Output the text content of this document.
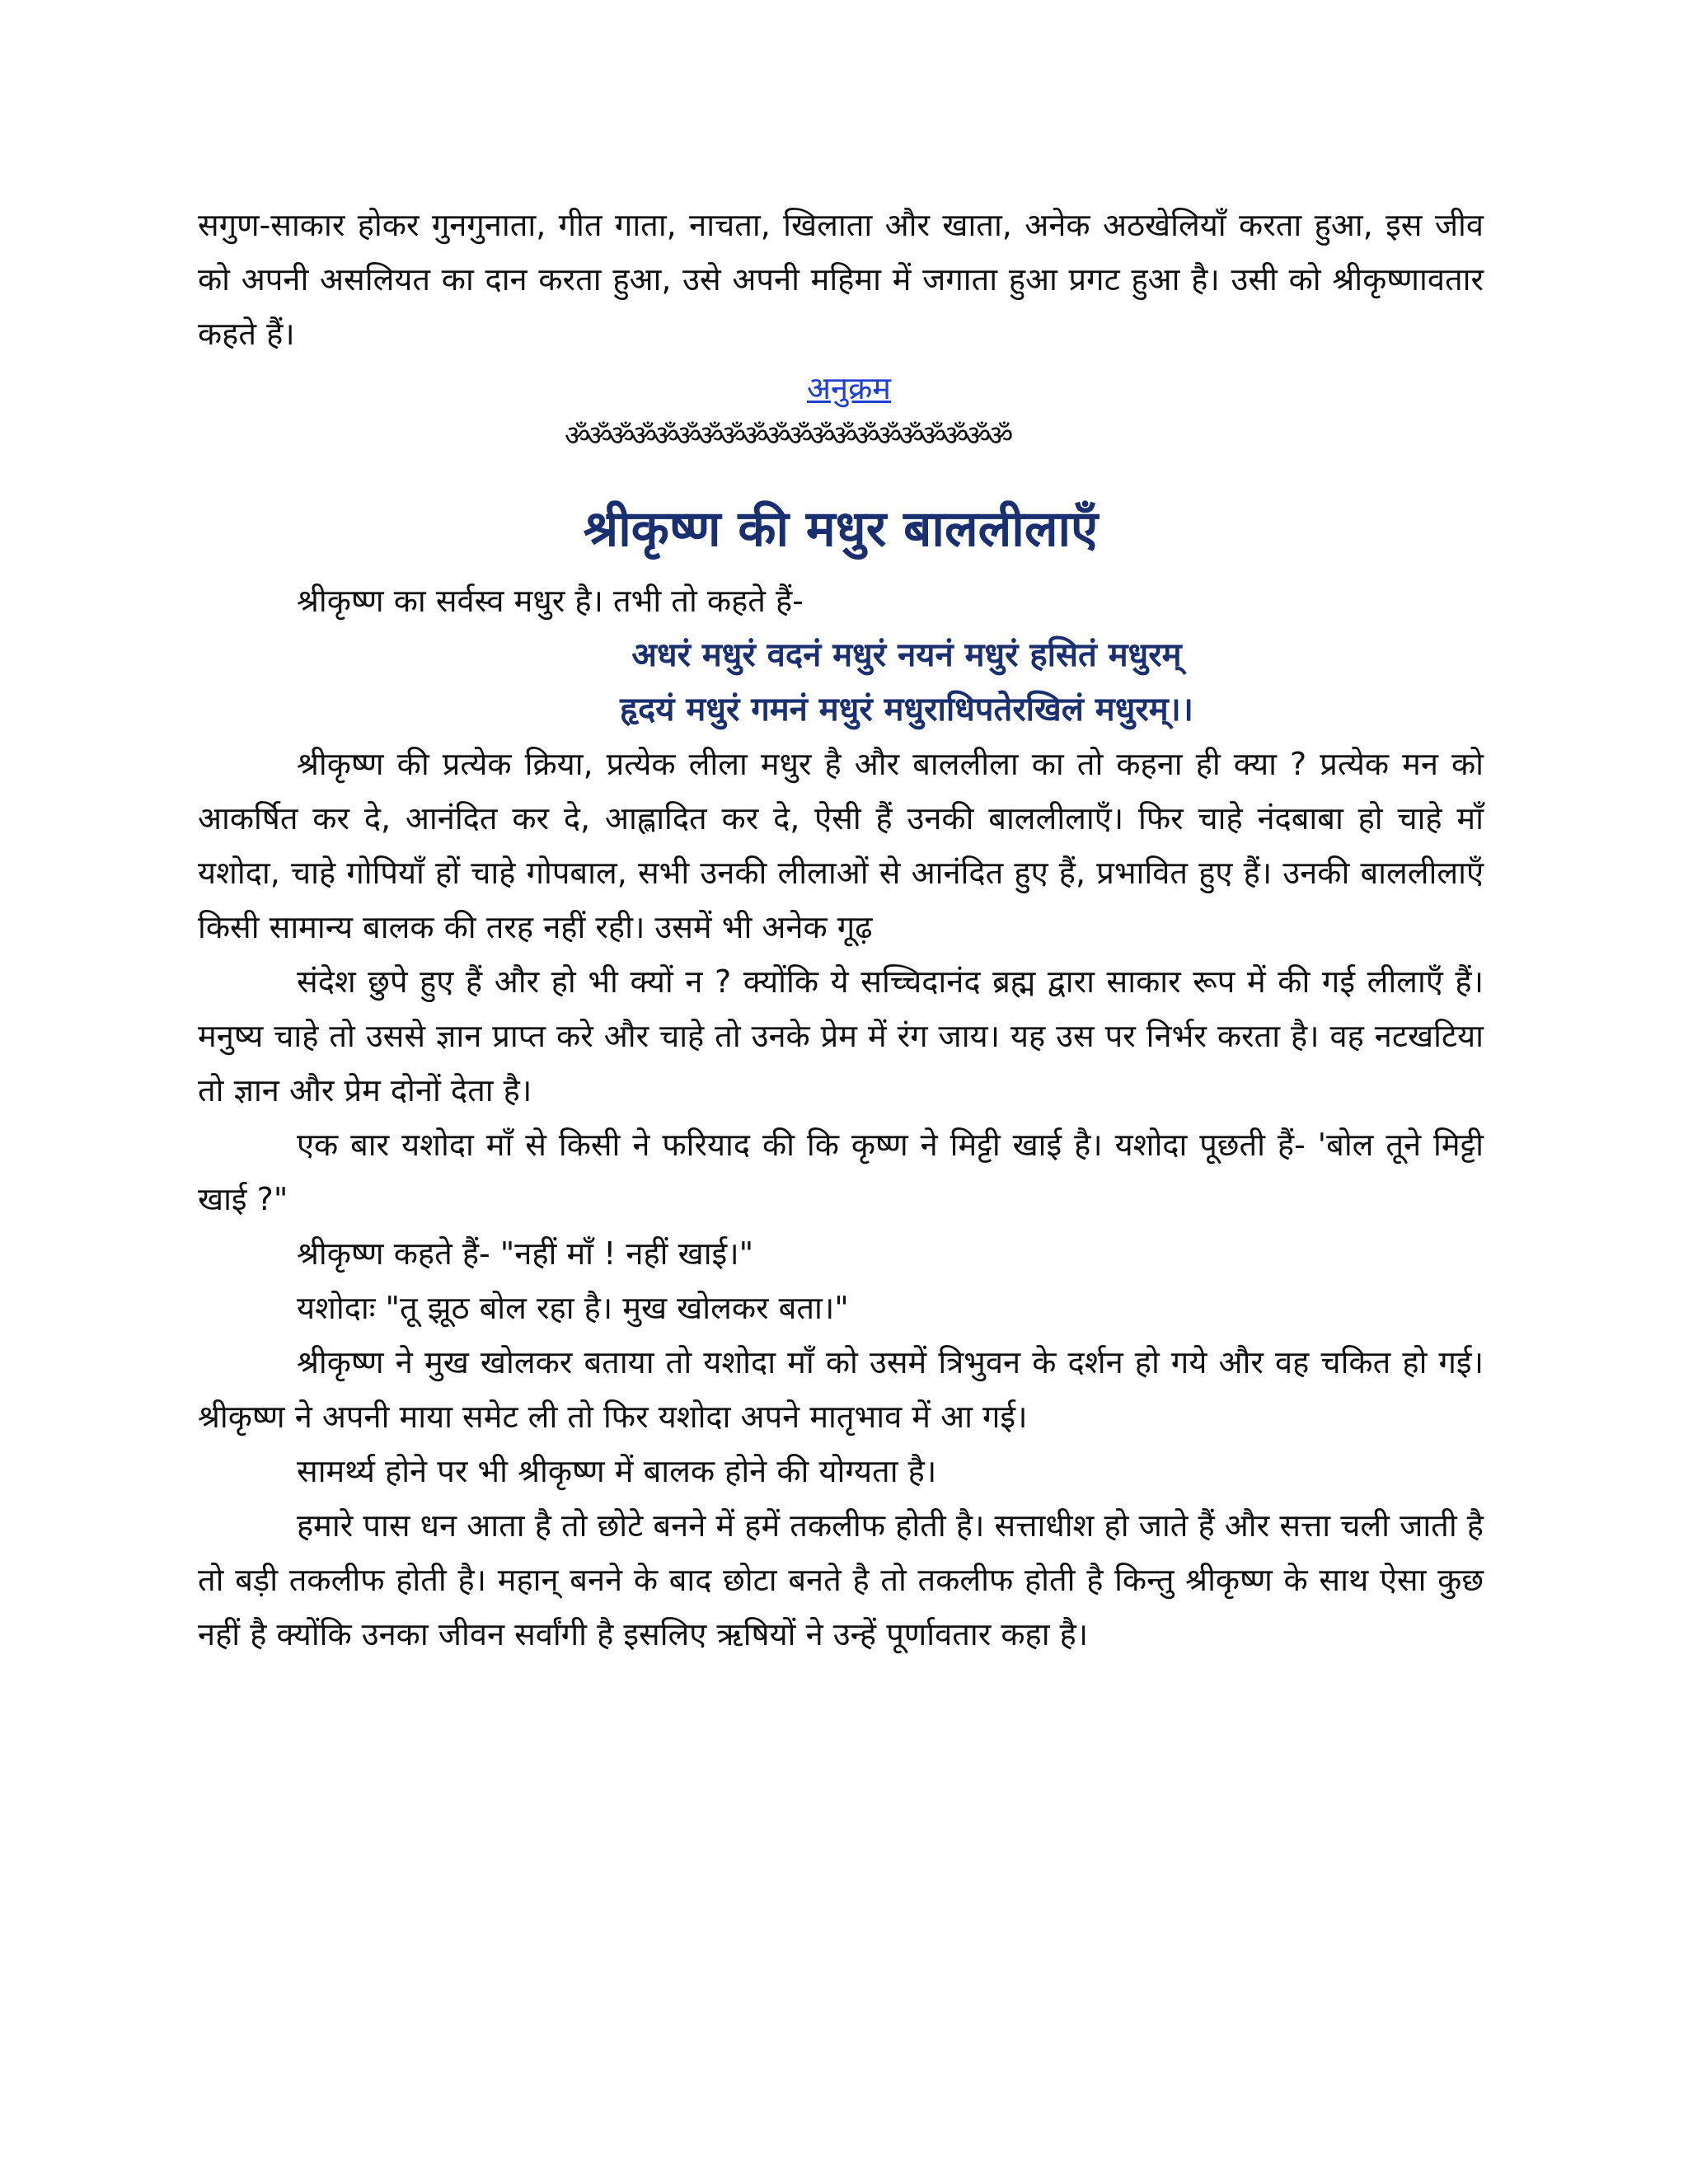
सगुण-साकार होकर गुनगुनाता, गीत गाता, नाचता, खिलाता और खाता, अनेक अठखेलियाँ करता हुआ, इस जीव को अपनी असलियत का दान करता हुआ, उसे अपनी महिमा में जगाता हुआ प्रगट हुआ है। उसी को श्रीकृष्णावतार कहते हैं।

अनुक्रम

ॐॐॐॐॐॐॐॐॐॐॐॐॐॐॐॐॐॐॐॐ

श्रीकृष्ण की मधुर बाललीलाएँ

श्रीकृष्ण का सर्वस्व मधुर है। तभी तो कहते हैं-

अधरं मधुरं वदनं मधुरं नयनं मधुरं हसितं मधुरम्

हृदयं मधुरं गमनं मधुरं मधुराधिपतेरखिलं मधुरम्।।

श्रीकृष्ण की प्रत्येक क्रिया, प्रत्येक लीला मधुर है और बाललीला का तो कहना ही क्या ? प्रत्येक मन को आकर्षित कर दे, आनंदित कर दे, आह्लादित कर दे, ऐसी हैं उनकी बाललीलाएँ। फिर चाहे नंदबाबा हो चाहे माँ यशोदा, चाहे गोपियाँ हों चाहे गोपबाल, सभी उनकी लीलाओं से आनंदित हुए हैं, प्रभावित हुए हैं। उनकी बाललीलाएँ किसी सामान्य बालक की तरह नहीं रही। उसमें भी अनेक गूढ़

संदेश छुपे हुए हैं और हो भी क्यों न ? क्योंकि ये सच्चिदानंद ब्रह्म द्वारा साकार रूप में की गई लीलाएँ हैं। मनुष्य चाहे तो उससे ज्ञान प्राप्त करे और चाहे तो उनके प्रेम में रंग जाय। यह उस पर निर्भर करता है। वह नटखटिया तो ज्ञान और प्रेम दोनों देता है।

एक बार यशोदा माँ से किसी ने फरियाद की कि कृष्ण ने मिट्टी खाई है। यशोदा पूछती हैं- 'बोल तूने मिट्टी खाई ?"

श्रीकृष्ण कहते हैं- "नहीं माँ ! नहीं खाई।"

यशोदाः "तू झूठ बोल रहा है। मुख खोलकर बता।"

श्रीकृष्ण ने मुख खोलकर बताया तो यशोदा माँ को उसमें त्रिभुवन के दर्शन हो गये और वह चकित हो गई। श्रीकृष्ण ने अपनी माया समेट ली तो फिर यशोदा अपने मातृभाव में आ गई।

सामर्थ्य होने पर भी श्रीकृष्ण में बालक होने की योग्यता है।

हमारे पास धन आता है तो छोटे बनने में हमें तकलीफ होती है। सत्ताधीश हो जाते हैं और सत्ता चली जाती है तो बड़ी तकलीफ होती है। महान् बनने के बाद छोटा बनते है तो तकलीफ होती है किन्तु श्रीकृष्ण के साथ ऐसा कुछ नहीं है क्योंकि उनका जीवन सर्वांगी है इसलिए ऋषियों ने उन्हें पूर्णावतार कहा है।
